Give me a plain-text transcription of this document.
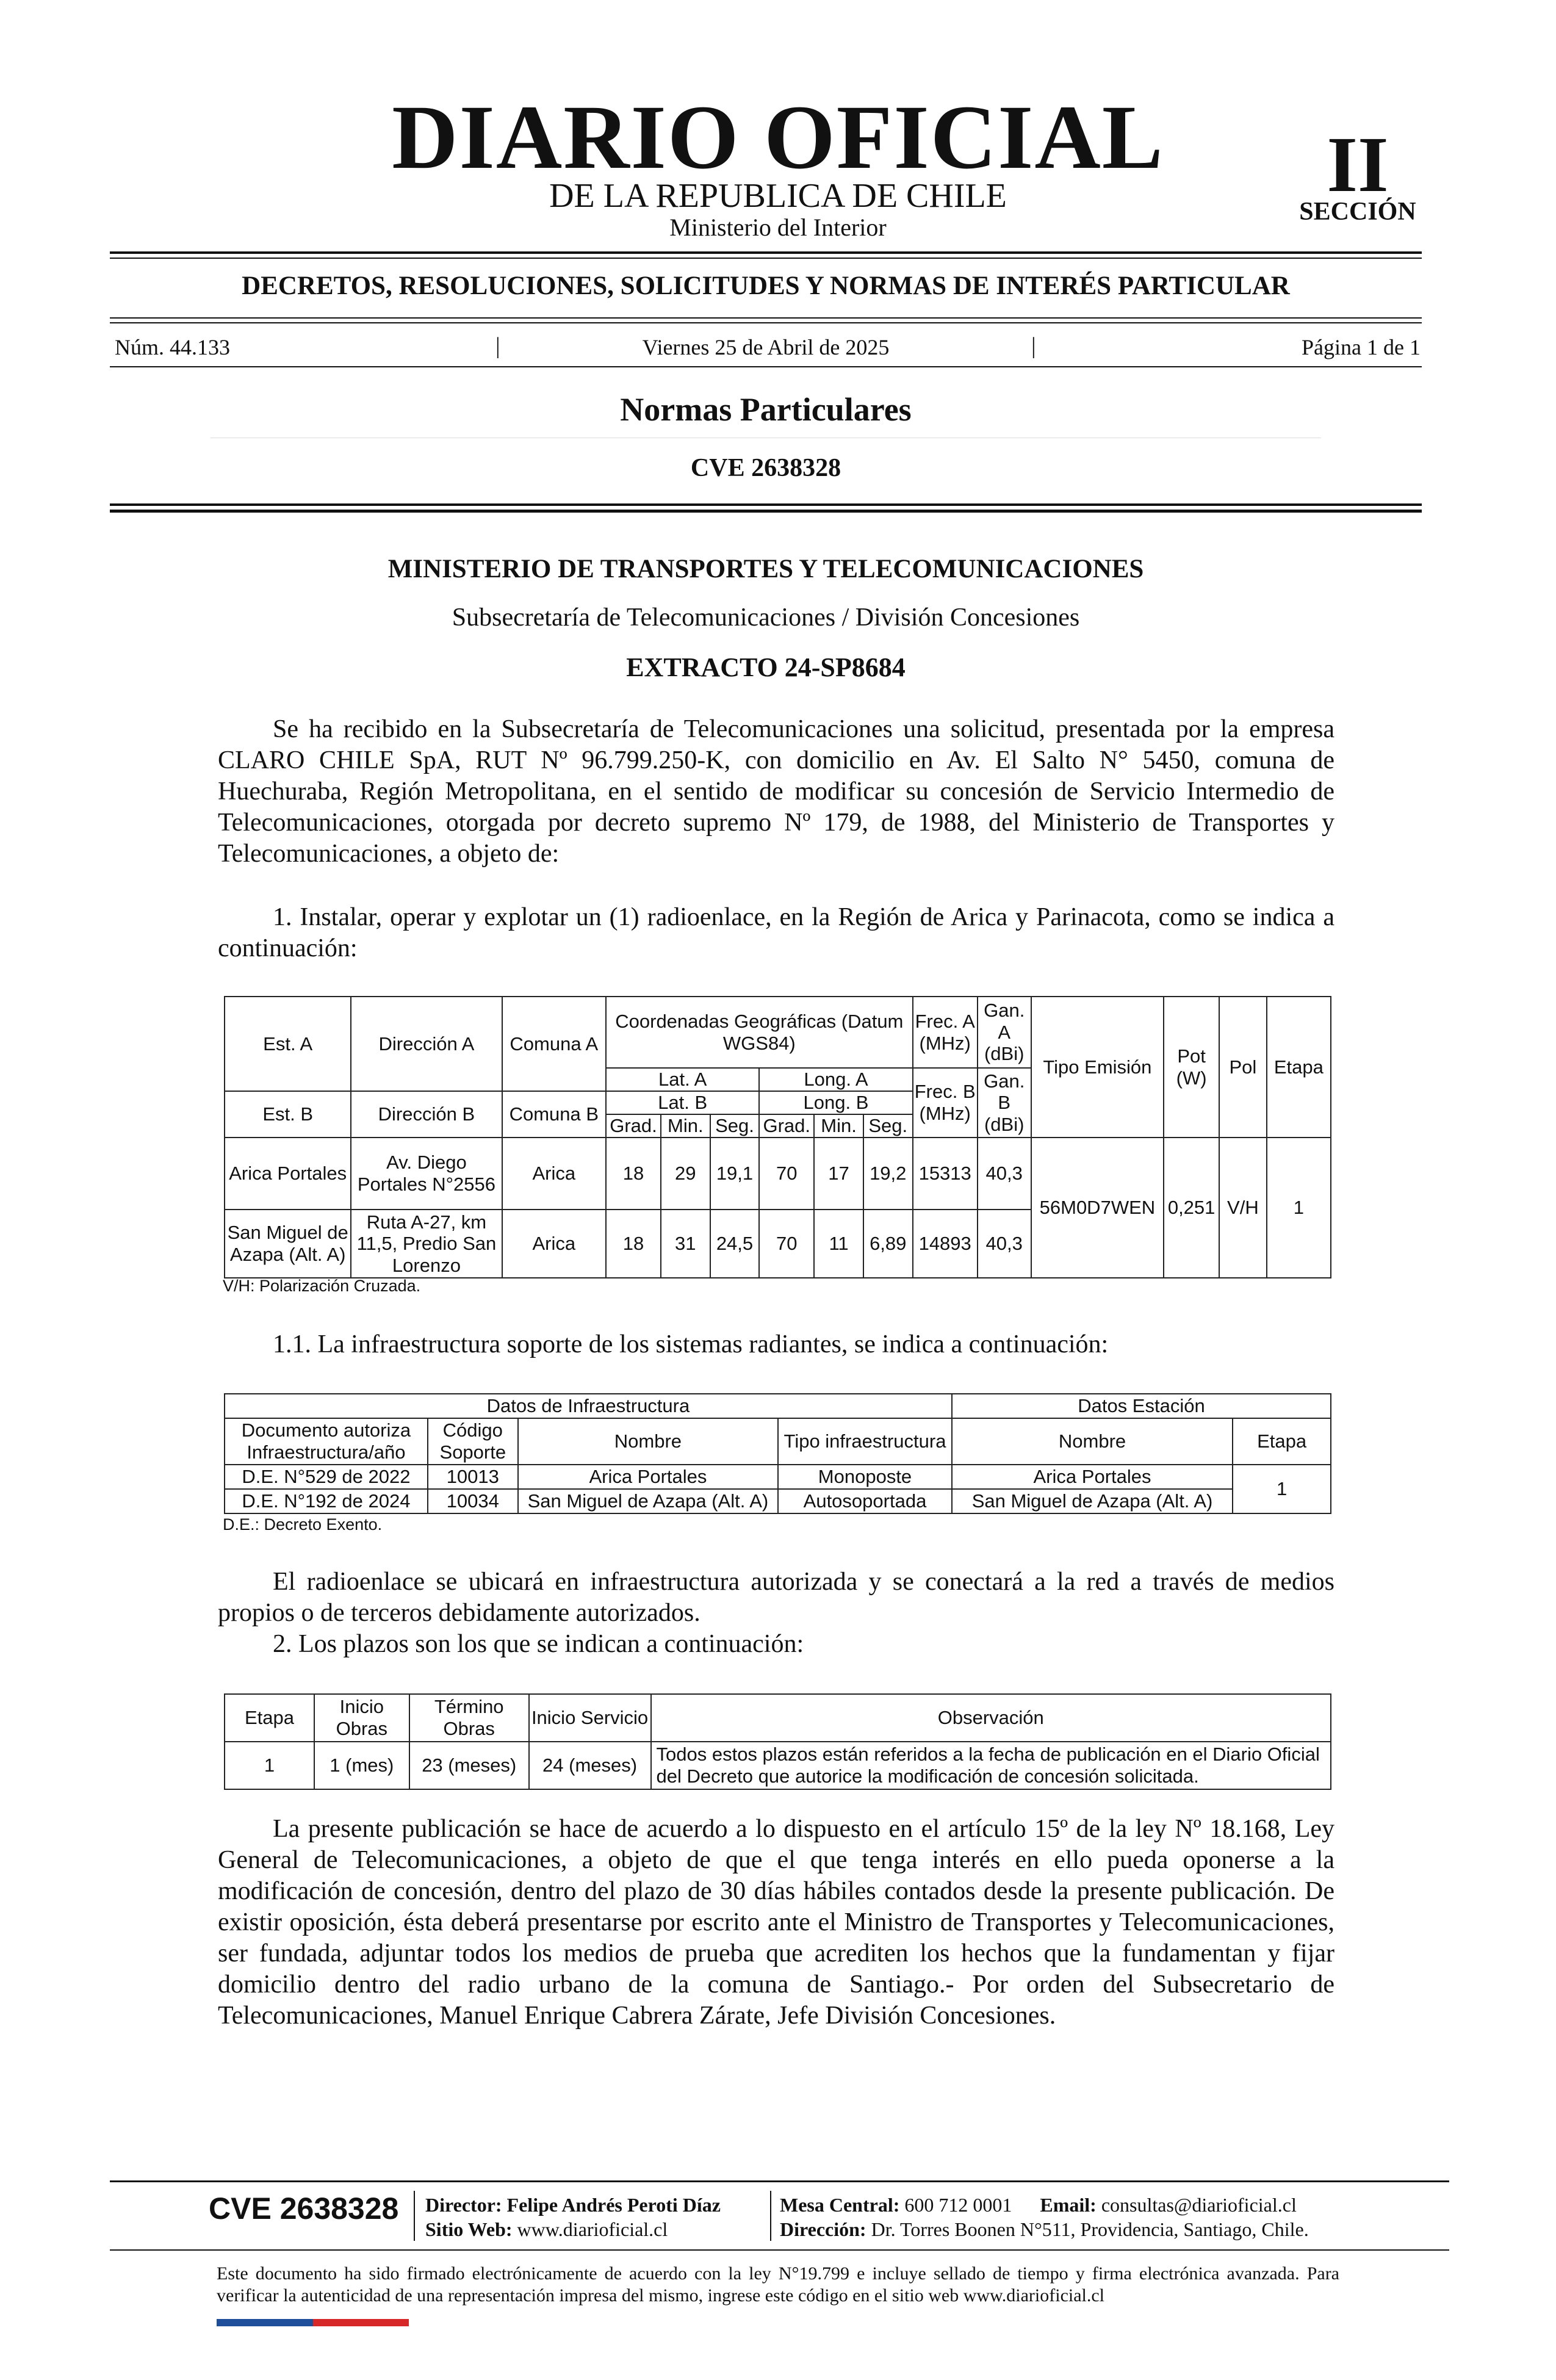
DIARIO OFICIAL
DE LA REPUBLICA DE CHILE
Ministerio del Interior
II
SECCIÓN
DECRETOS, RESOLUCIONES, SOLICITUDES Y NORMAS DE INTERÉS PARTICULAR
Núm. 44.133	|	Viernes 25 de Abril de 2025	|	Página 1 de 1
Normas Particulares
CVE 2638328
MINISTERIO DE TRANSPORTES Y TELECOMUNICACIONES
Subsecretaría de Telecomunicaciones / División Concesiones
EXTRACTO 24-SP8684
Se ha recibido en la Subsecretaría de Telecomunicaciones una solicitud, presentada por la empresa CLARO CHILE SpA, RUT Nº 96.799.250-K, con domicilio en Av. El Salto N° 5450, comuna de Huechuraba, Región Metropolitana, en el sentido de modificar su concesión de Servicio Intermedio de Telecomunicaciones, otorgada por decreto supremo Nº 179, de 1988, del Ministerio de Transportes y Telecomunicaciones, a objeto de:
1. Instalar, operar y explotar un (1) radioenlace, en la Región de Arica y Parinacota, como se indica a continuación:
Est. A	Dirección A	Comuna A	Coordenadas Geográficas (Datum WGS84)						Frec. A (MHz)	Gan. A (dBi)	Tipo Emisión	Pot (W)	Pol	Etapa
			Lat. A			Long. A			Frec. B (MHz)	Gan. B (dBi)				
Est. B	Dirección B	Comuna B	Lat. B			Long. B								
			Grad.	Min.	Seg.	Grad.	Min.	Seg.						
Arica Portales	Av. Diego Portales N°2556	Arica	18	29	19,1	70	17	19,2	15313	40,3	56M0D7WEN	0,251	V/H	1
San Miguel de Azapa (Alt. A)	Ruta A-27, km 11,5, Predio San Lorenzo	Arica	18	31	24,5	70	11	6,89	14893	40,3				
V/H: Polarización Cruzada.
1.1. La infraestructura soporte de los sistemas radiantes, se indica a continuación:
Datos de Infraestructura				Datos Estación	
Documento autoriza Infraestructura/año	Código Soporte	Nombre	Tipo infraestructura	Nombre	Etapa
D.E. N°529 de 2022	10013	Arica Portales	Monoposte	Arica Portales	1
D.E. N°192 de 2024	10034	San Miguel de Azapa (Alt. A)	Autosoportada	San Miguel de Azapa (Alt. A)	
D.E.: Decreto Exento.
El radioenlace se ubicará en infraestructura autorizada y se conectará a la red a través de medios propios o de terceros debidamente autorizados.
2. Los plazos son los que se indican a continuación:
Etapa	Inicio Obras	Término Obras	Inicio Servicio	Observación
1	1 (mes)	23 (meses)	24 (meses)	Todos estos plazos están referidos a la fecha de publicación en el Diario Oficial del Decreto que autorice la modificación de concesión solicitada.
La presente publicación se hace de acuerdo a lo dispuesto en el artículo 15º de la ley Nº 18.168, Ley General de Telecomunicaciones, a objeto de que el que tenga interés en ello pueda oponerse a la modificación de concesión, dentro del plazo de 30 días hábiles contados desde la presente publicación. De existir oposición, ésta deberá presentarse por escrito ante el Ministro de Transportes y Telecomunicaciones, ser fundada, adjuntar todos los medios de prueba que acrediten los hechos que la fundamentan y fijar domicilio dentro del radio urbano de la comuna de Santiago.- Por orden del Subsecretario de Telecomunicaciones, Manuel Enrique Cabrera Zárate, Jefe División Concesiones.
CVE 2638328 Director: Felipe Andrés Peroti Díaz
Sitio Web: www.diarioficial.cl
Mesa Central: 600 712 0001 Email: consultas@diarioficial.cl
Dirección: Dr. Torres Boonen N°511, Providencia, Santiago, Chile.
Este documento ha sido firmado electrónicamente de acuerdo con la ley N°19.799 e incluye sellado de tiempo y firma electrónica avanzada. Para verificar la autenticidad de una representación impresa del mismo, ingrese este código en el sitio web www.diarioficial.cl
